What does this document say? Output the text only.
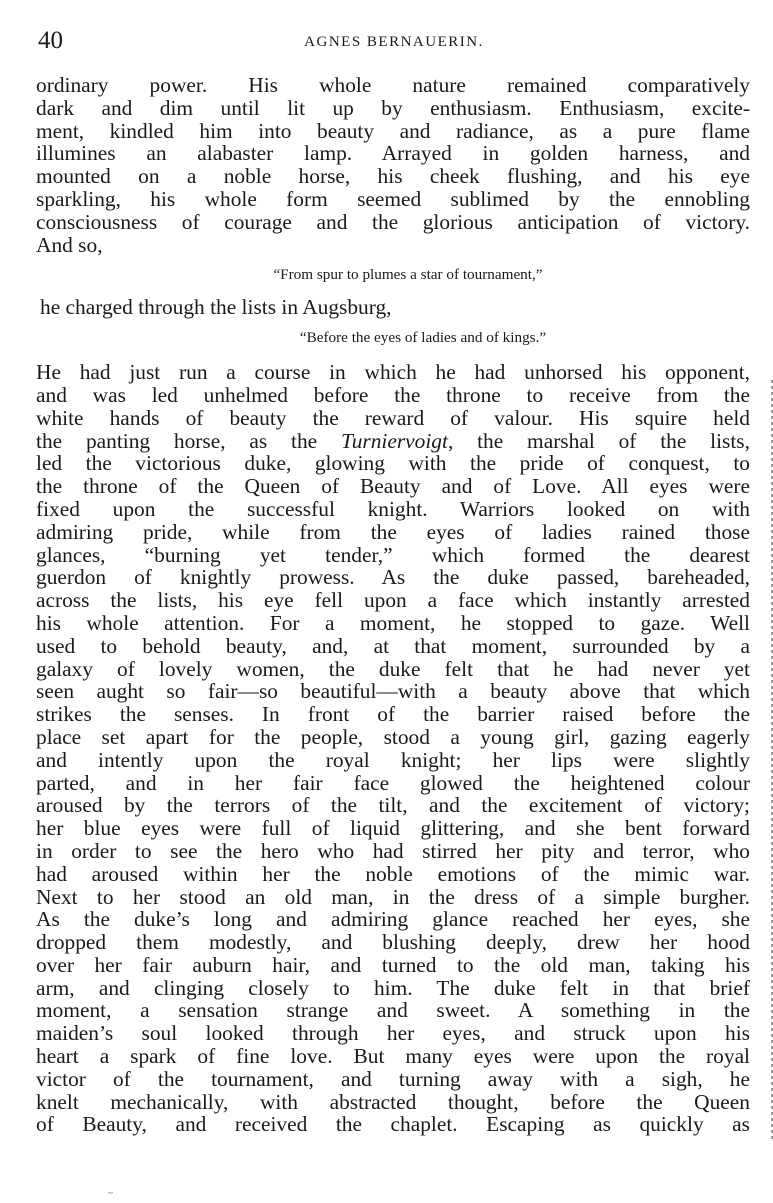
40	AGNES BERNAUERIN.
ordinary power. His whole nature remained comparatively
dark and dim until lit up by enthusiasm. Enthusiasm, excite-
ment, kindled him into beauty and radiance, as a pure flame
illumines an alabaster lamp. Arrayed in golden harness, and
mounted on a noble horse, his cheek flushing, and his eye
sparkling, his whole form seemed sublimed by the ennobling
consciousness of courage and the glorious anticipation of victory.
And so,
“From spur to plumes a star of tournament,”
he charged through the lists in Augsburg,
“Before the eyes of ladies and of kings.”
He had just run a course in which he had unhorsed his opponent,
and was led unhelmed before the throne to receive from the
white hands of beauty the reward of valour. His squire held
the panting horse, as the Turniervoigt, the marshal of the lists,
led the victorious duke, glowing with the pride of conquest, to
the throne of the Queen of Beauty and of Love. All eyes were
fixed upon the successful knight. Warriors looked on with
admiring pride, while from the eyes of ladies rained those
glances, “burning yet tender,” which formed the dearest
guerdon of knightly prowess. As the duke passed, bareheaded,
across the lists, his eye fell upon a face which instantly arrested
his whole attention. For a moment, he stopped to gaze. Well
used to behold beauty, and, at that moment, surrounded by a
galaxy of lovely women, the duke felt that he had never yet
seen aught so fair—so beautiful—with a beauty above that which
strikes the senses. In front of the barrier raised before the
place set apart for the people, stood a young girl, gazing eagerly
and intently upon the royal knight; her lips were slightly
parted, and in her fair face glowed the heightened colour
aroused by the terrors of the tilt, and the excitement of victory;
her blue eyes were full of liquid glittering, and she bent forward
in order to see the hero who had stirred her pity and terror, who
had aroused within her the noble emotions of the mimic war.
Next to her stood an old man, in the dress of a simple burgher.
As the duke’s long and admiring glance reached her eyes, she
dropped them modestly, and blushing deeply, drew her hood
over her fair auburn hair, and turned to the old man, taking his
arm, and clinging closely to him. The duke felt in that brief
moment, a sensation strange and sweet. A something in the
maiden’s soul looked through her eyes, and struck upon his
heart a spark of fine love. But many eyes were upon the royal
victor of the tournament, and turning away with a sigh, he
knelt mechanically, with abstracted thought, before the Queen
of Beauty, and received the chaplet. Escaping as quickly as
~
